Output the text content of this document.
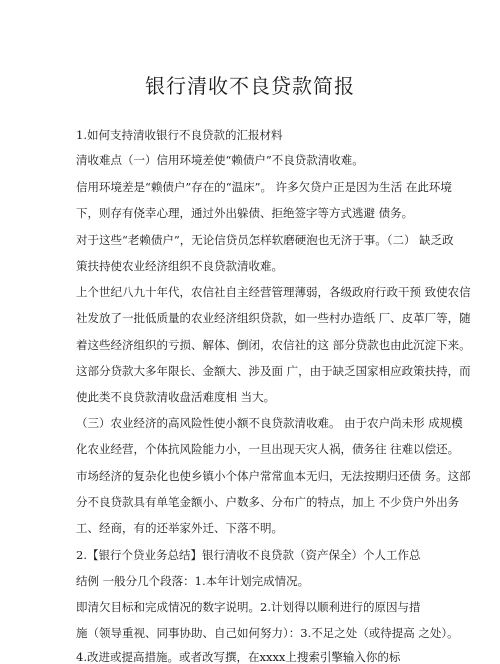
银行清收不良贷款简报
1.如何支持清收银行不良贷款的汇报材料
清收难点（一）信用环境差使“赖债户”不良贷款清收难。
信用环境差是“赖债户”存在的“温床”。 许多欠贷户正是因为生活 在此环境
下，则存有侥幸心理，通过外出躲债、拒绝签字等方式逃避 债务。
对于这些“老赖债户”，无论信贷员怎样软磨硬泡也无济于事。（二） 缺乏政
策扶持使农业经济组织不良贷款清收难。
上个世纪八九十年代，农信社自主经营管理薄弱，各级政府行政干预 致使农信
社发放了一批低质量的农业经济组织贷款，如一些村办造纸 厂、皮革厂等，随
着这些经济组织的亏损、解体、倒闭，农信社的这 部分贷款也由此沉淀下来。
这部分贷款大多年限长、金额大、涉及面 广，由于缺乏国家相应政策扶持，而
使此类不良贷款清收盘活难度相 当大。
（三）农业经济的高风险性使小额不良贷款清收难。 由于农户尚未形 成规模
化农业经营，个体抗风险能力小，一旦出现天灾人祸，债务往 往难以偿还。
市场经济的复杂化也使乡镇小个体户常常血本无归，无法按期归还债 务。这部
分不良贷款具有单笔金额小、户数多、分布广的特点，加上 不少贷户外出务
工、经商，有的还举家外迁、下落不明。
2.【银行个贷业务总结】银行清收不良贷款（资产保全）个人工作总
结例 一般分几个段落：1.本年计划完成情况。
即清欠目标和完成情况的数字说明。2.计划得以顺利进行的原因与措
施（领导重视、同事协助、自己如何努力）：3.不足之处（或待提高 之处）。
4.改进或提高措施。或者改写撰，在xxxx上搜索引擎输入你的标
